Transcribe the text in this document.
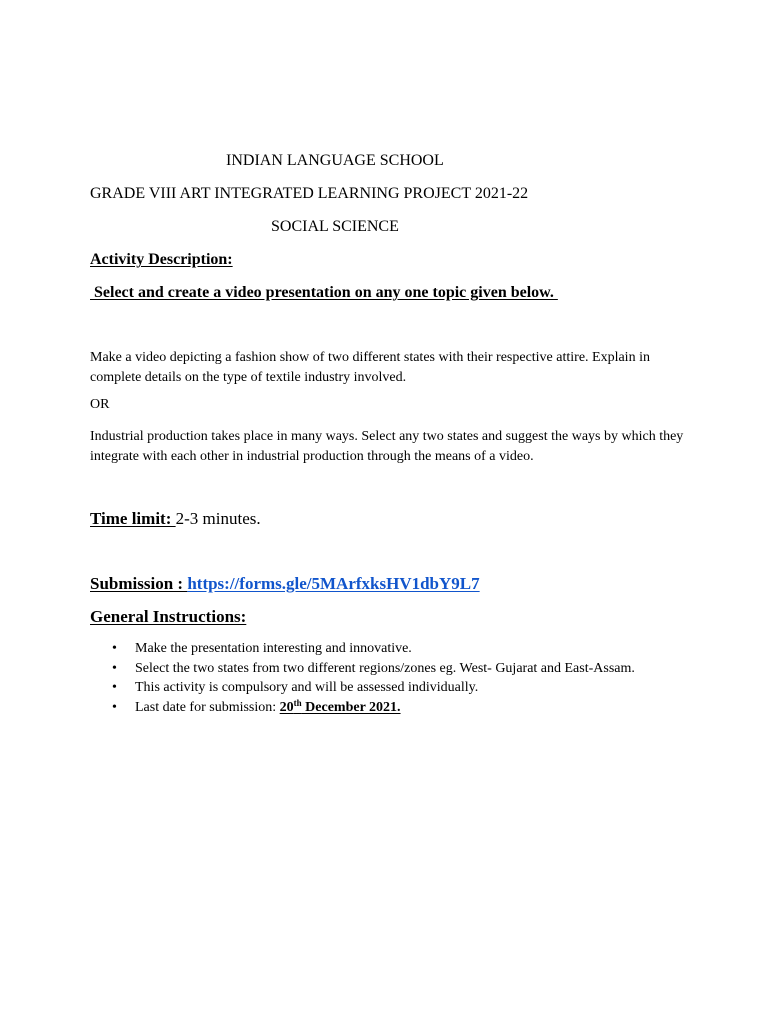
INDIAN LANGUAGE SCHOOL
GRADE VIII ART INTEGRATED LEARNING PROJECT 2021-22
SOCIAL SCIENCE
Activity Description:
Select and create a video presentation on any one topic given below.
Make a video depicting a fashion show of two different states with their respective attire. Explain in complete details on the type of textile industry involved.
OR
Industrial production takes place in many ways. Select any two states and suggest the ways by which they integrate with each other in industrial production through the means of a video.
Time limit: 2-3 minutes.
Submission : https://forms.gle/5MArfxksHV1dbY9L7
General Instructions:
• Make the presentation interesting and innovative.
• Select the two states from two different regions/zones eg. West- Gujarat and East-Assam.
• This activity is compulsory and will be assessed individually.
• Last date for submission: 20th December 2021.
